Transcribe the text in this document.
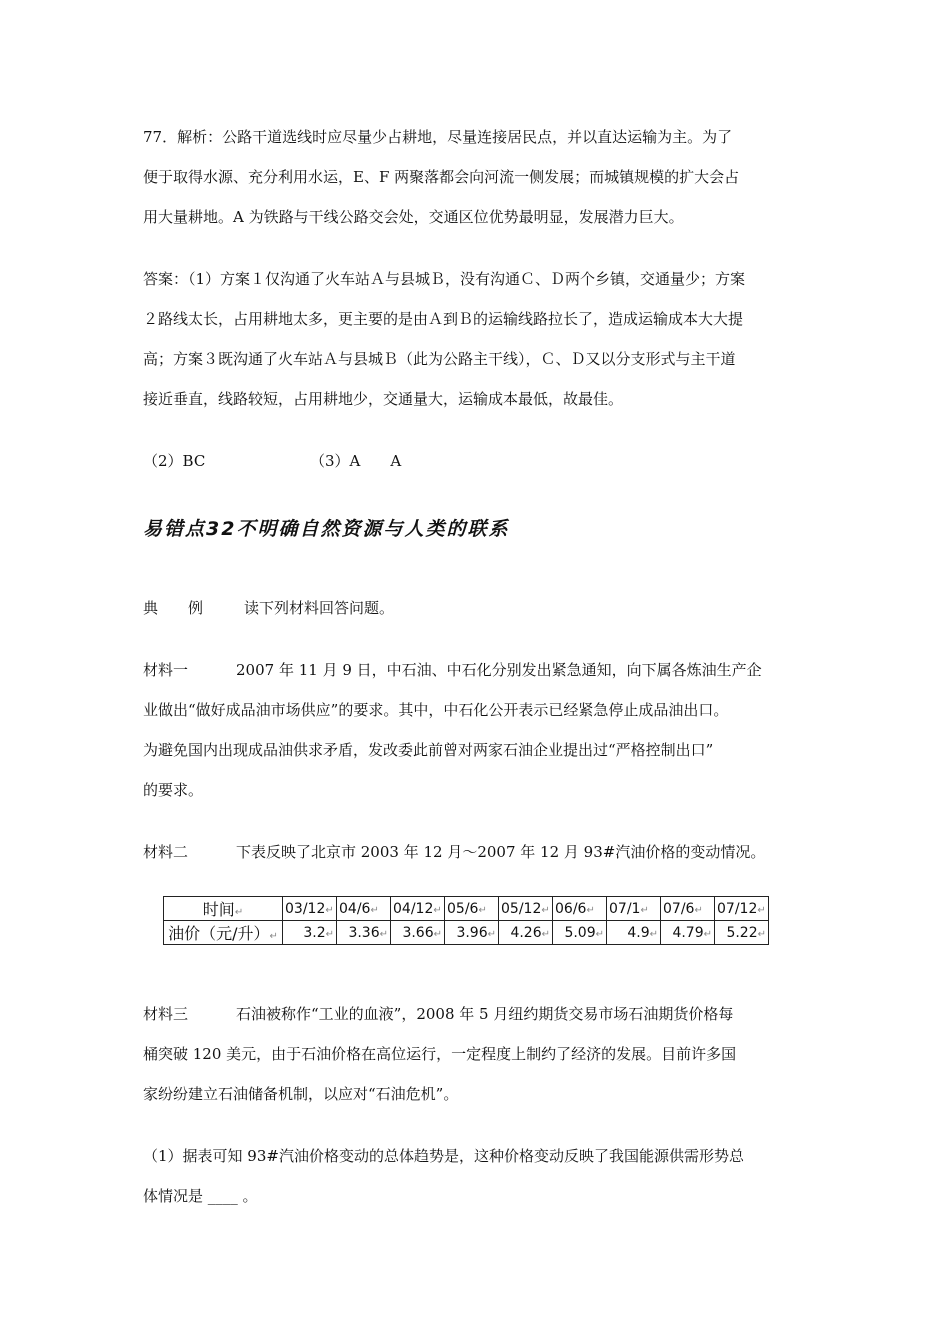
77．解析：公路干道选线时应尽量少占耕地，尽量连接居民点，并以直达运输为主。为了

便于取得水源、充分利用水运，E、F 两聚落都会向河流一侧发展；而城镇规模的扩大会占

用大量耕地。A 为铁路与干线公路交会处，交通区位优势最明显，发展潜力巨大。

答案：（1）方案１仅沟通了火车站Ａ与县城Ｂ，没有沟通Ｃ、Ｄ两个乡镇，交通量少；方案

２路线太长，占用耕地太多，更主要的是由Ａ到Ｂ的运输线路拉长了，造成运输成本大大提

高；方案３既沟通了火车站Ａ与县城Ｂ（此为公路主干线），Ｃ、Ｄ又以分支形式与主干道

接近垂直，线路较短，占用耕地少，交通量大，运输成本最低，故最佳。

（2）BC	（3）A　　A

易错点32不明确自然资源与人类的联系

典　　例	读下列材料回答问题。

材料一	2007 年 11 月 9 日，中石油、中石化分别发出紧急通知，向下属各炼油生产企

业做出“做好成品油市场供应”的要求。其中，中石化公开表示已经紧急停止成品油出口。

为避免国内出现成品油供求矛盾，发改委此前曾对两家石油企业提出过“严格控制出口”

的要求。

材料二	下表反映了北京市 2003 年 12 月～2007 年 12 月 93#汽油价格的变动情况。

时间↵	03/12↵	04/6↵	04/12↵	05/6↵	05/12↵	06/6↵	07/1↵	07/6↵	07/12↵
油价（元/升）↵	3.2↵	3.36↵	3.66↵	3.96↵	4.26↵	5.09↵	4.9↵	4.79↵	5.22↵

材料三	石油被称作“工业的血液”，2008 年 5 月纽约期货交易市场石油期货价格每

桶突破 120 美元，由于石油价格在高位运行，一定程度上制约了经济的发展。目前许多国

家纷纷建立石油储备机制，以应对“石油危机”。

（1）据表可知 93#汽油价格变动的总体趋势是，这种价格变动反映了我国能源供需形势总

体情况是 ____ 。
